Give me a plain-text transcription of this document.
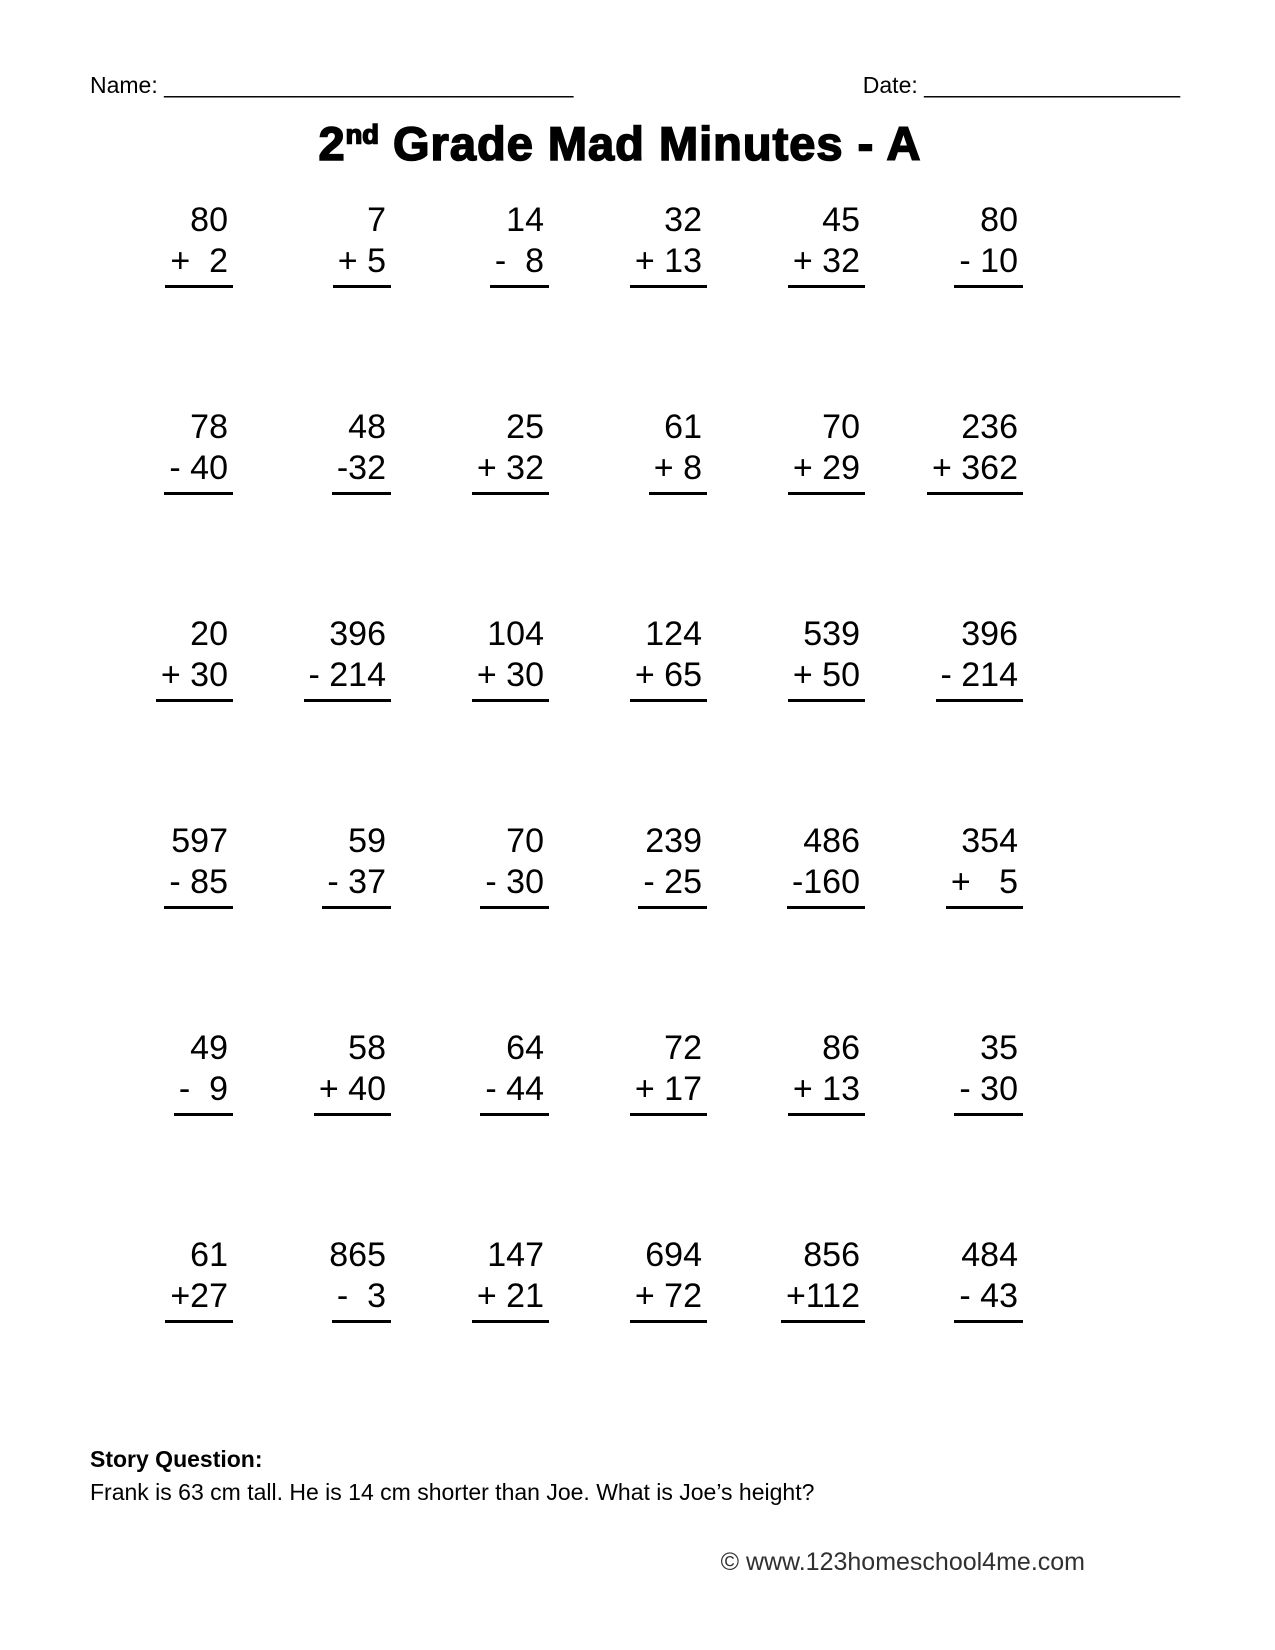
Name: ________________________________	Date: ____________________
2nd Grade Mad Minutes - A
80
+  2
7
+ 5
14
-  8
32
+ 13
45
+ 32
80
- 10
78
- 40
48
-32
25
+ 32
61
+ 8
70
+ 29
236
+ 362
20
+ 30
396
- 214
104
+ 30
124
+ 65
539
+ 50
396
- 214
597
- 85
59
- 37
70
- 30
239
- 25
486
-160
354
+   5
49
-  9
58
+ 40
64
- 44
72
+ 17
86
+ 13
35
- 30
61
+27
865
-  3
147
+ 21
694
+ 72
856
+112
484
- 43
Story Question:
Frank is 63 cm tall. He is 14 cm shorter than Joe. What is Joe’s height?
© www.123homeschool4me.com
